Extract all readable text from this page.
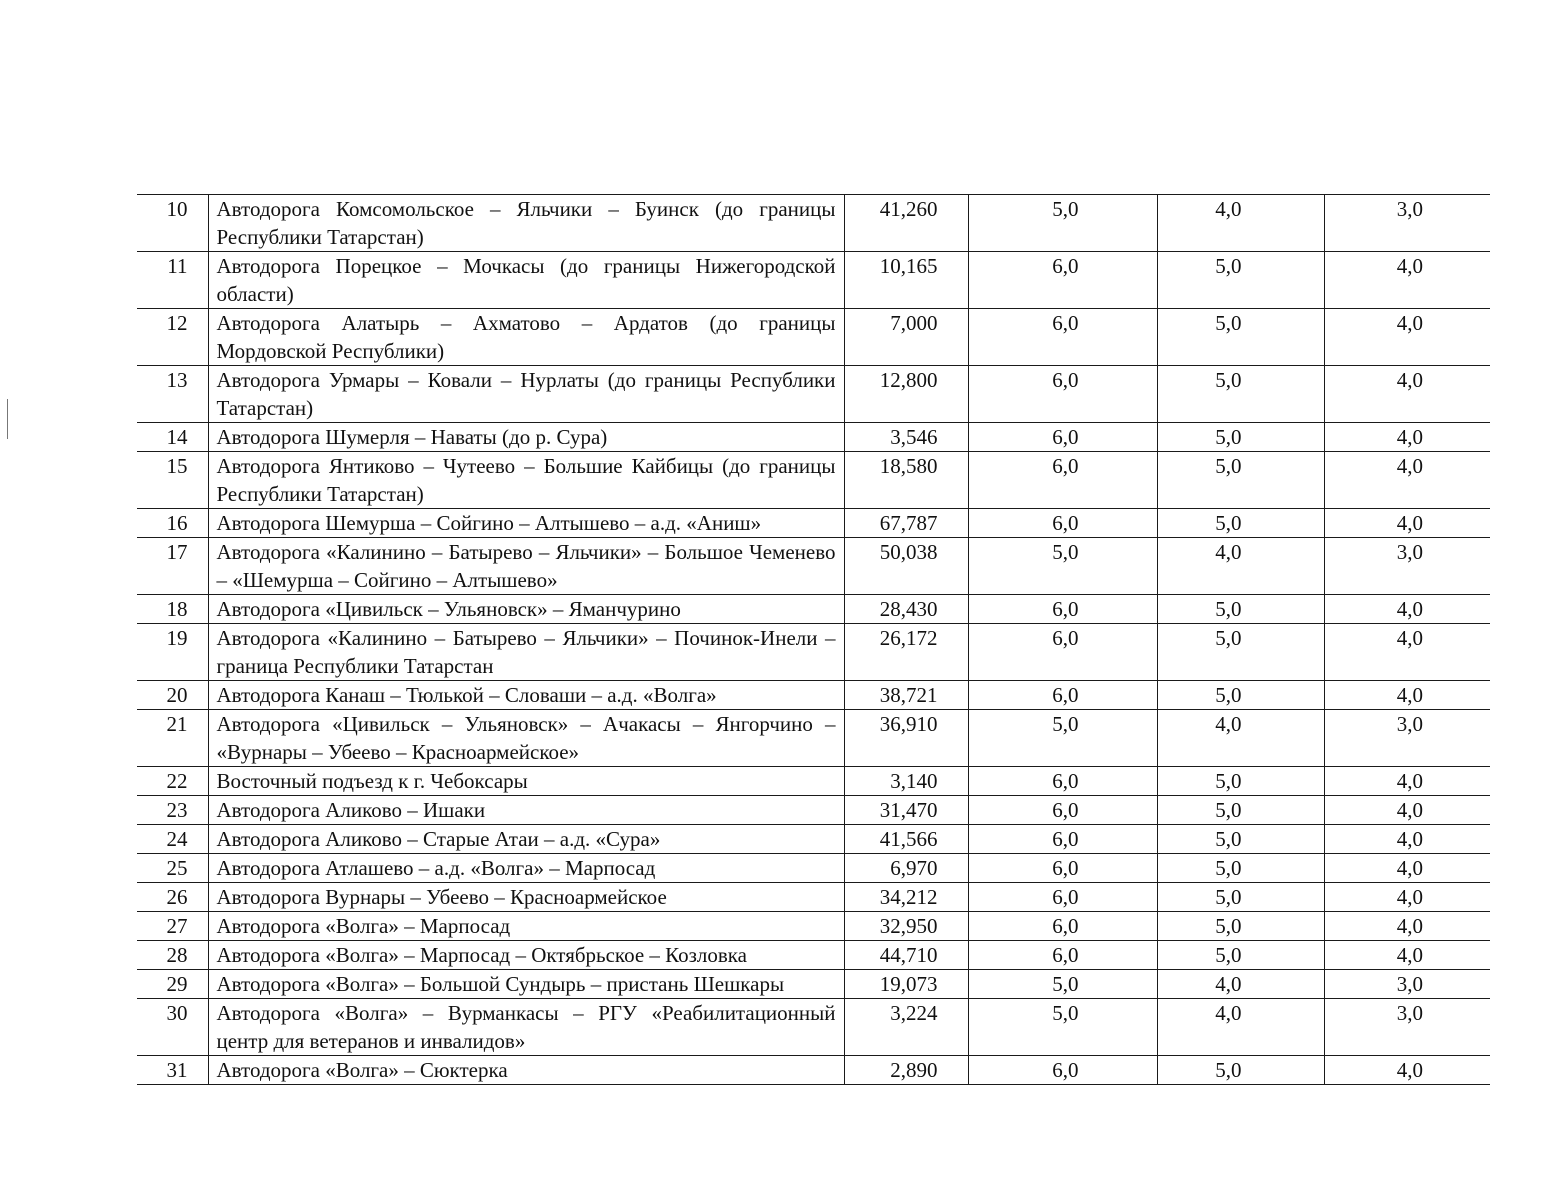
10	Автодорога Комсомольское – Яльчики – Буинск (до границы Республики Татарстан)	41,260	5,0	4,0	3,0
11	Автодорога Порецкое – Мочкасы (до границы Нижегородской области)	10,165	6,0	5,0	4,0
12	Автодорога Алатырь – Ахматово – Ардатов (до границы Мордовской Республики)	7,000	6,0	5,0	4,0
13	Автодорога Урмары – Ковали – Нурлаты (до границы Республики Татарстан)	12,800	6,0	5,0	4,0
14	Автодорога Шумерля – Наваты (до р. Сура)	3,546	6,0	5,0	4,0
15	Автодорога Янтиково – Чутеево – Большие Кайбицы (до границы Республики Татарстан)	18,580	6,0	5,0	4,0
16	Автодорога Шемурша – Сойгино – Алтышево – а.д. «Аниш»	67,787	6,0	5,0	4,0
17	Автодорога «Калинино – Батырево – Яльчики» – Большое Чеменево – «Шемурша – Сойгино – Алтышево»	50,038	5,0	4,0	3,0
18	Автодорога «Цивильск – Ульяновск» – Яманчурино	28,430	6,0	5,0	4,0
19	Автодорога «Калинино – Батырево – Яльчики» – Починок-Инели – граница Республики Татарстан	26,172	6,0	5,0	4,0
20	Автодорога Канаш – Тюлькой – Словаши – а.д. «Волга»	38,721	6,0	5,0	4,0
21	Автодорога «Цивильск – Ульяновск» – Ачакасы – Янгорчино – «Вурнары – Убеево – Красноармейское»	36,910	5,0	4,0	3,0
22	Восточный подъезд к г. Чебоксары	3,140	6,0	5,0	4,0
23	Автодорога Аликово – Ишаки	31,470	6,0	5,0	4,0
24	Автодорога Аликово – Старые Атаи – а.д. «Сура»	41,566	6,0	5,0	4,0
25	Автодорога Атлашево – а.д. «Волга» – Марпосад	6,970	6,0	5,0	4,0
26	Автодорога Вурнары – Убеево – Красноармейское	34,212	6,0	5,0	4,0
27	Автодорога «Волга» – Марпосад	32,950	6,0	5,0	4,0
28	Автодорога «Волга» – Марпосад – Октябрьское – Козловка	44,710	6,0	5,0	4,0
29	Автодорога «Волга» – Большой Сундырь – пристань Шешкары	19,073	5,0	4,0	3,0
30	Автодорога «Волга» – Вурманкасы – РГУ «Реабилитационный центр для ветеранов и инвалидов»	3,224	5,0	4,0	3,0
31	Автодорога «Волга» – Сюктерка	2,890	6,0	5,0	4,0
